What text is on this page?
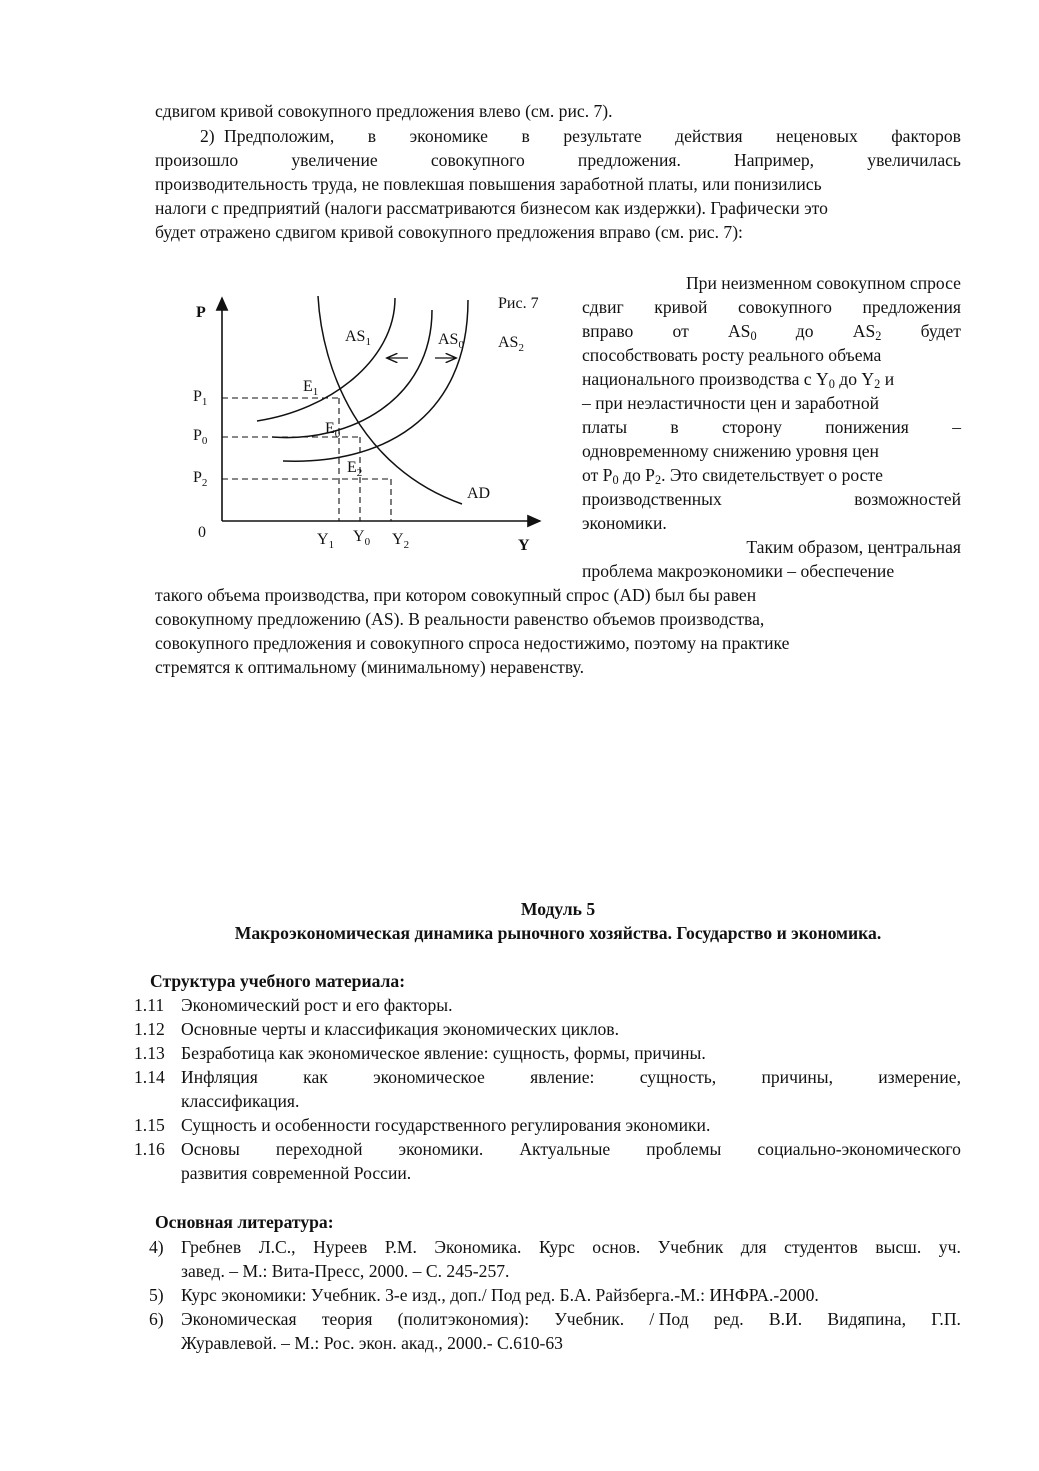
сдвигом кривой совокупного предложения влево (см. рис. 7).
2) Предположим, в экономике в результате действия неценовых факторов
произошло	увеличение	совокупного	предложения.	Например,	увеличилась
производительность труда, не повлекшая повышения заработной платы, или понизились
налоги с предприятий (налоги рассматриваются бизнесом как издержки). Графически это
будет отражено сдвигом кривой совокупного предложения вправо (см. рис. 7):
Рис. 7
P
Y
0
$P_1$
$P_0$
$P_2$
$Y_1$ $Y_0$ $Y_2$
$AS_1$	$AS_0$ $AS_2$
AD
$E_1$
$E_0$
$E_2$
При неизменном совокупном спросе
сдвиг кривой совокупного предложения
вправо от $AS_0$ до $AS_2$ будет
способствовать росту реального объема
национального производства с $Y_0$ до $Y_2$ и
– при неэластичности цен и заработной
платы в сторону понижения –
одновременному снижению уровня цен
от $P_0$ до $P_2$. Это свидетельствует о росте
производственных	возможностей
экономики.
Таким образом, центральная
проблема макроэкономики – обеспечение
такого объема производства, при котором совокупный спрос (AD) был бы равен
совокупному предложению (AS). В реальности равенство объемов производства,
совокупного предложения и совокупного спроса недостижимо, поэтому на практике
стремятся к оптимальному (минимальному) неравенству.
Модуль 5
Макроэкономическая динамика рыночного хозяйства. Государство и экономика.
Структура учебного материала:
1.11 Экономический рост и его факторы.
1.12 Основные черты и классификация экономических циклов.
1.13 Безработица как экономическое явление: сущность, формы, причины.
1.14 Инфляция	как	экономическое	явление:	сущность,	причины,	измерение,
классификация.
1.15 Сущность и особенности государственного регулирования экономики.
1.16 Основы переходной экономики. Актуальные проблемы социально-экономического
развития современной России.
Основная литература:
4) Гребнев Л.С., Нуреев Р.М. Экономика. Курс основ. Учебник для студентов высш. уч.
завед. – М.: Вита-Пресс, 2000. – С. 245-257.
5) Курс экономики: Учебник. 3-е изд., доп./ Под ред. Б.А. Райзберга.-М.: ИНФРА.-2000.
6) Экономическая теория (политэкономия): Учебник. / Под ред. В.И. Видяпина, Г.П.
Журавлевой. – М.: Рос. экон. акад., 2000.- С.610-63
